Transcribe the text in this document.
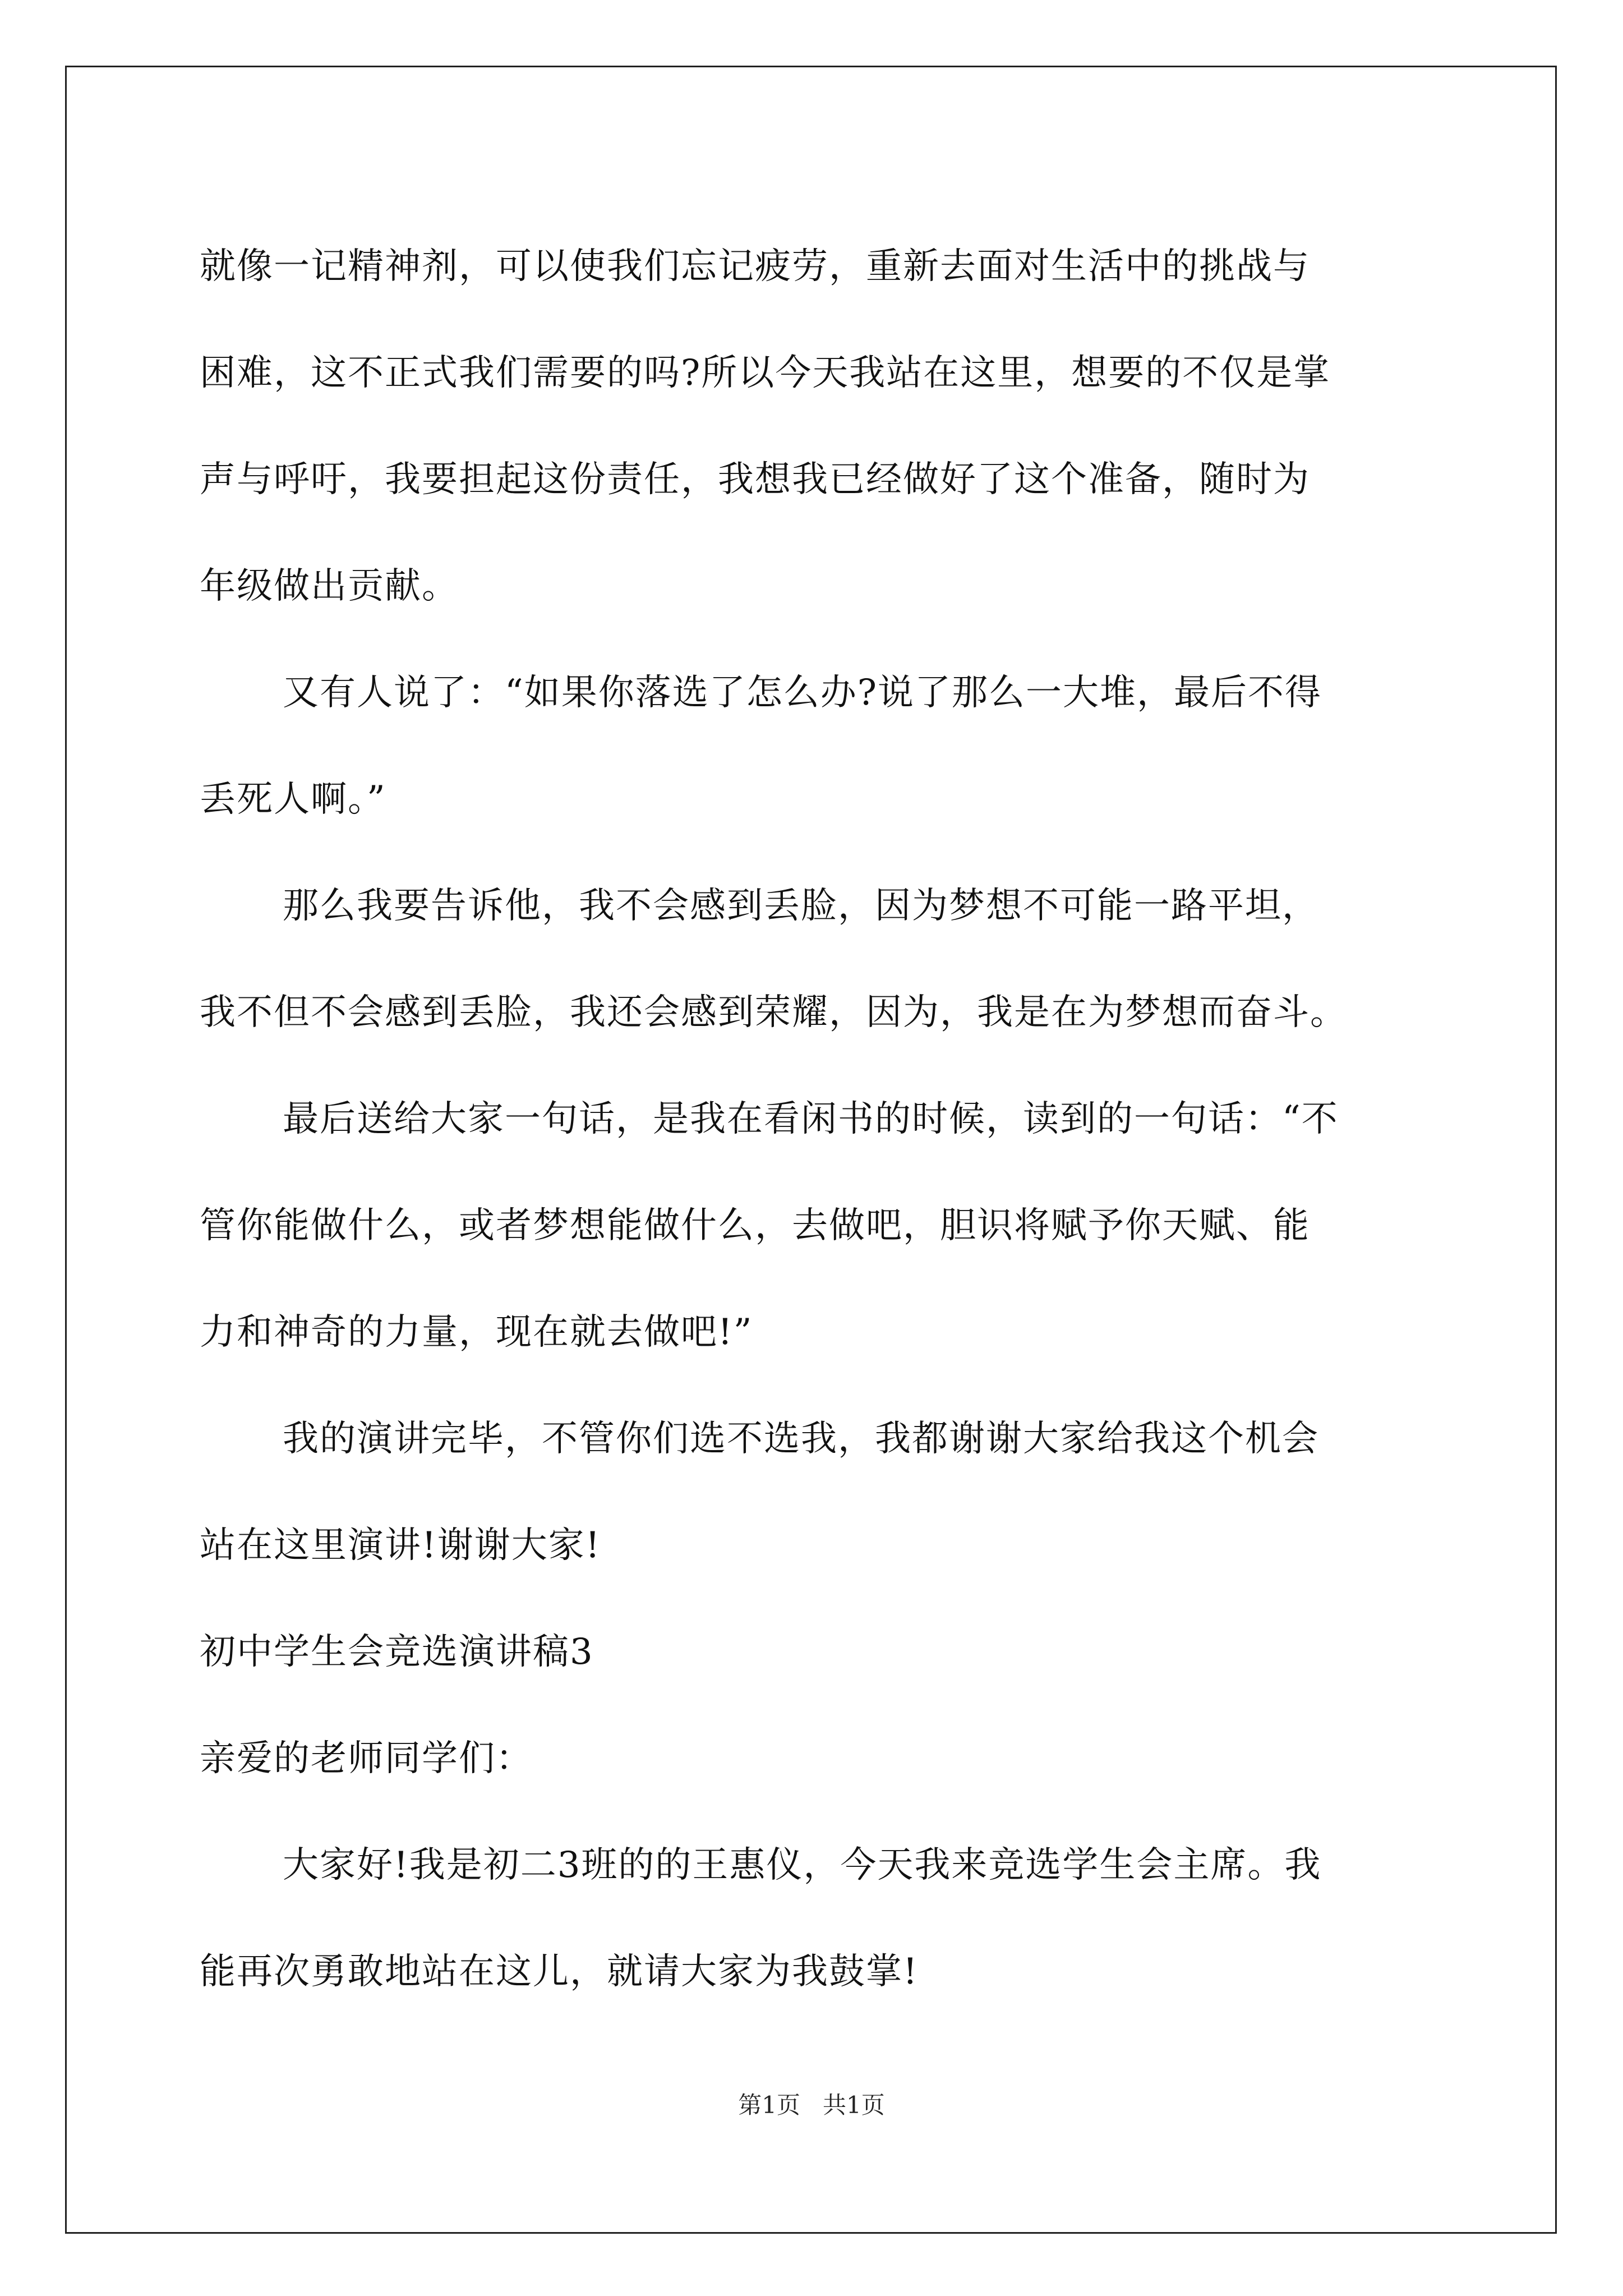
就像一记精神剂，可以使我们忘记疲劳，重新去面对生活中的挑战与
困难，这不正式我们需要的吗?所以今天我站在这里，想要的不仅是掌
声与呼吁，我要担起这份责任，我想我已经做好了这个准备，随时为
年级做出贡献。
又有人说了：“如果你落选了怎么办?说了那么一大堆，最后不得
丢死人啊。”
那么我要告诉他，我不会感到丢脸，因为梦想不可能一路平坦，
我不但不会感到丢脸，我还会感到荣耀，因为，我是在为梦想而奋斗。
最后送给大家一句话，是我在看闲书的时候，读到的一句话：“不
管你能做什么，或者梦想能做什么，去做吧，胆识将赋予你天赋、能
力和神奇的力量，现在就去做吧!”
我的演讲完毕，不管你们选不选我，我都谢谢大家给我这个机会
站在这里演讲!谢谢大家!
初中学生会竞选演讲稿3
亲爱的老师同学们：
大家好!我是初二3班的的王惠仪，今天我来竞选学生会主席。我
能再次勇敢地站在这儿，就请大家为我鼓掌!
第1页   共1页
